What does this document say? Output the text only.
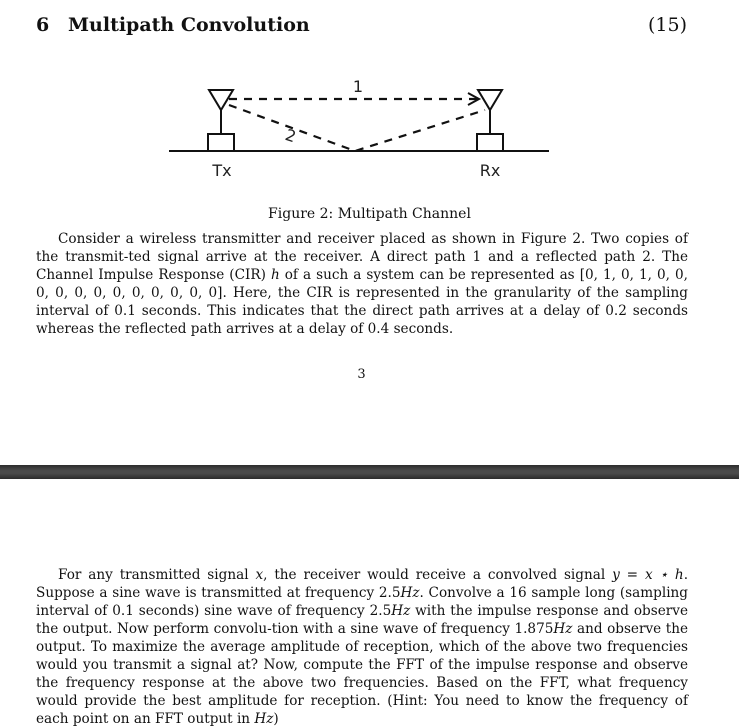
6 Multipath Convolution	(15)
1
2
Tx	Rx
Figure 2: Multipath Channel

Consider a wireless transmitter and receiver placed as shown in Figure 2. Two copies of the transmit-ted signal arrive at the receiver. A direct path 1 and a reflected path 2. The Channel Impulse Response (CIR) h of a such a system can be represented as [0, 1, 0, 1, 0, 0, 0, 0, 0, 0, 0, 0, 0, 0, 0, 0]. Here, the CIR is represented in the granularity of the sampling interval of 0.1 seconds. This indicates that the direct path arrives at a delay of 0.2 seconds whereas the reflected path arrives at a delay of 0.4 seconds.

3

For any transmitted signal x, the receiver would receive a convolved signal y = x ⋆ h. Suppose a sine wave is transmitted at frequency 2.5Hz. Convolve a 16 sample long (sampling interval of 0.1 seconds) sine wave of frequency 2.5Hz with the impulse response and observe the output. Now perform convolu-tion with a sine wave of frequency 1.875Hz and observe the output. To maximize the average amplitude of reception, which of the above two frequencies would you transmit a signal at? Now, compute the FFT of the impulse response and observe the frequency response at the above two frequencies. Based on the FFT, what frequency would provide the best amplitude for reception. (Hint: You need to know the frequency of each point on an FFT output in Hz)
